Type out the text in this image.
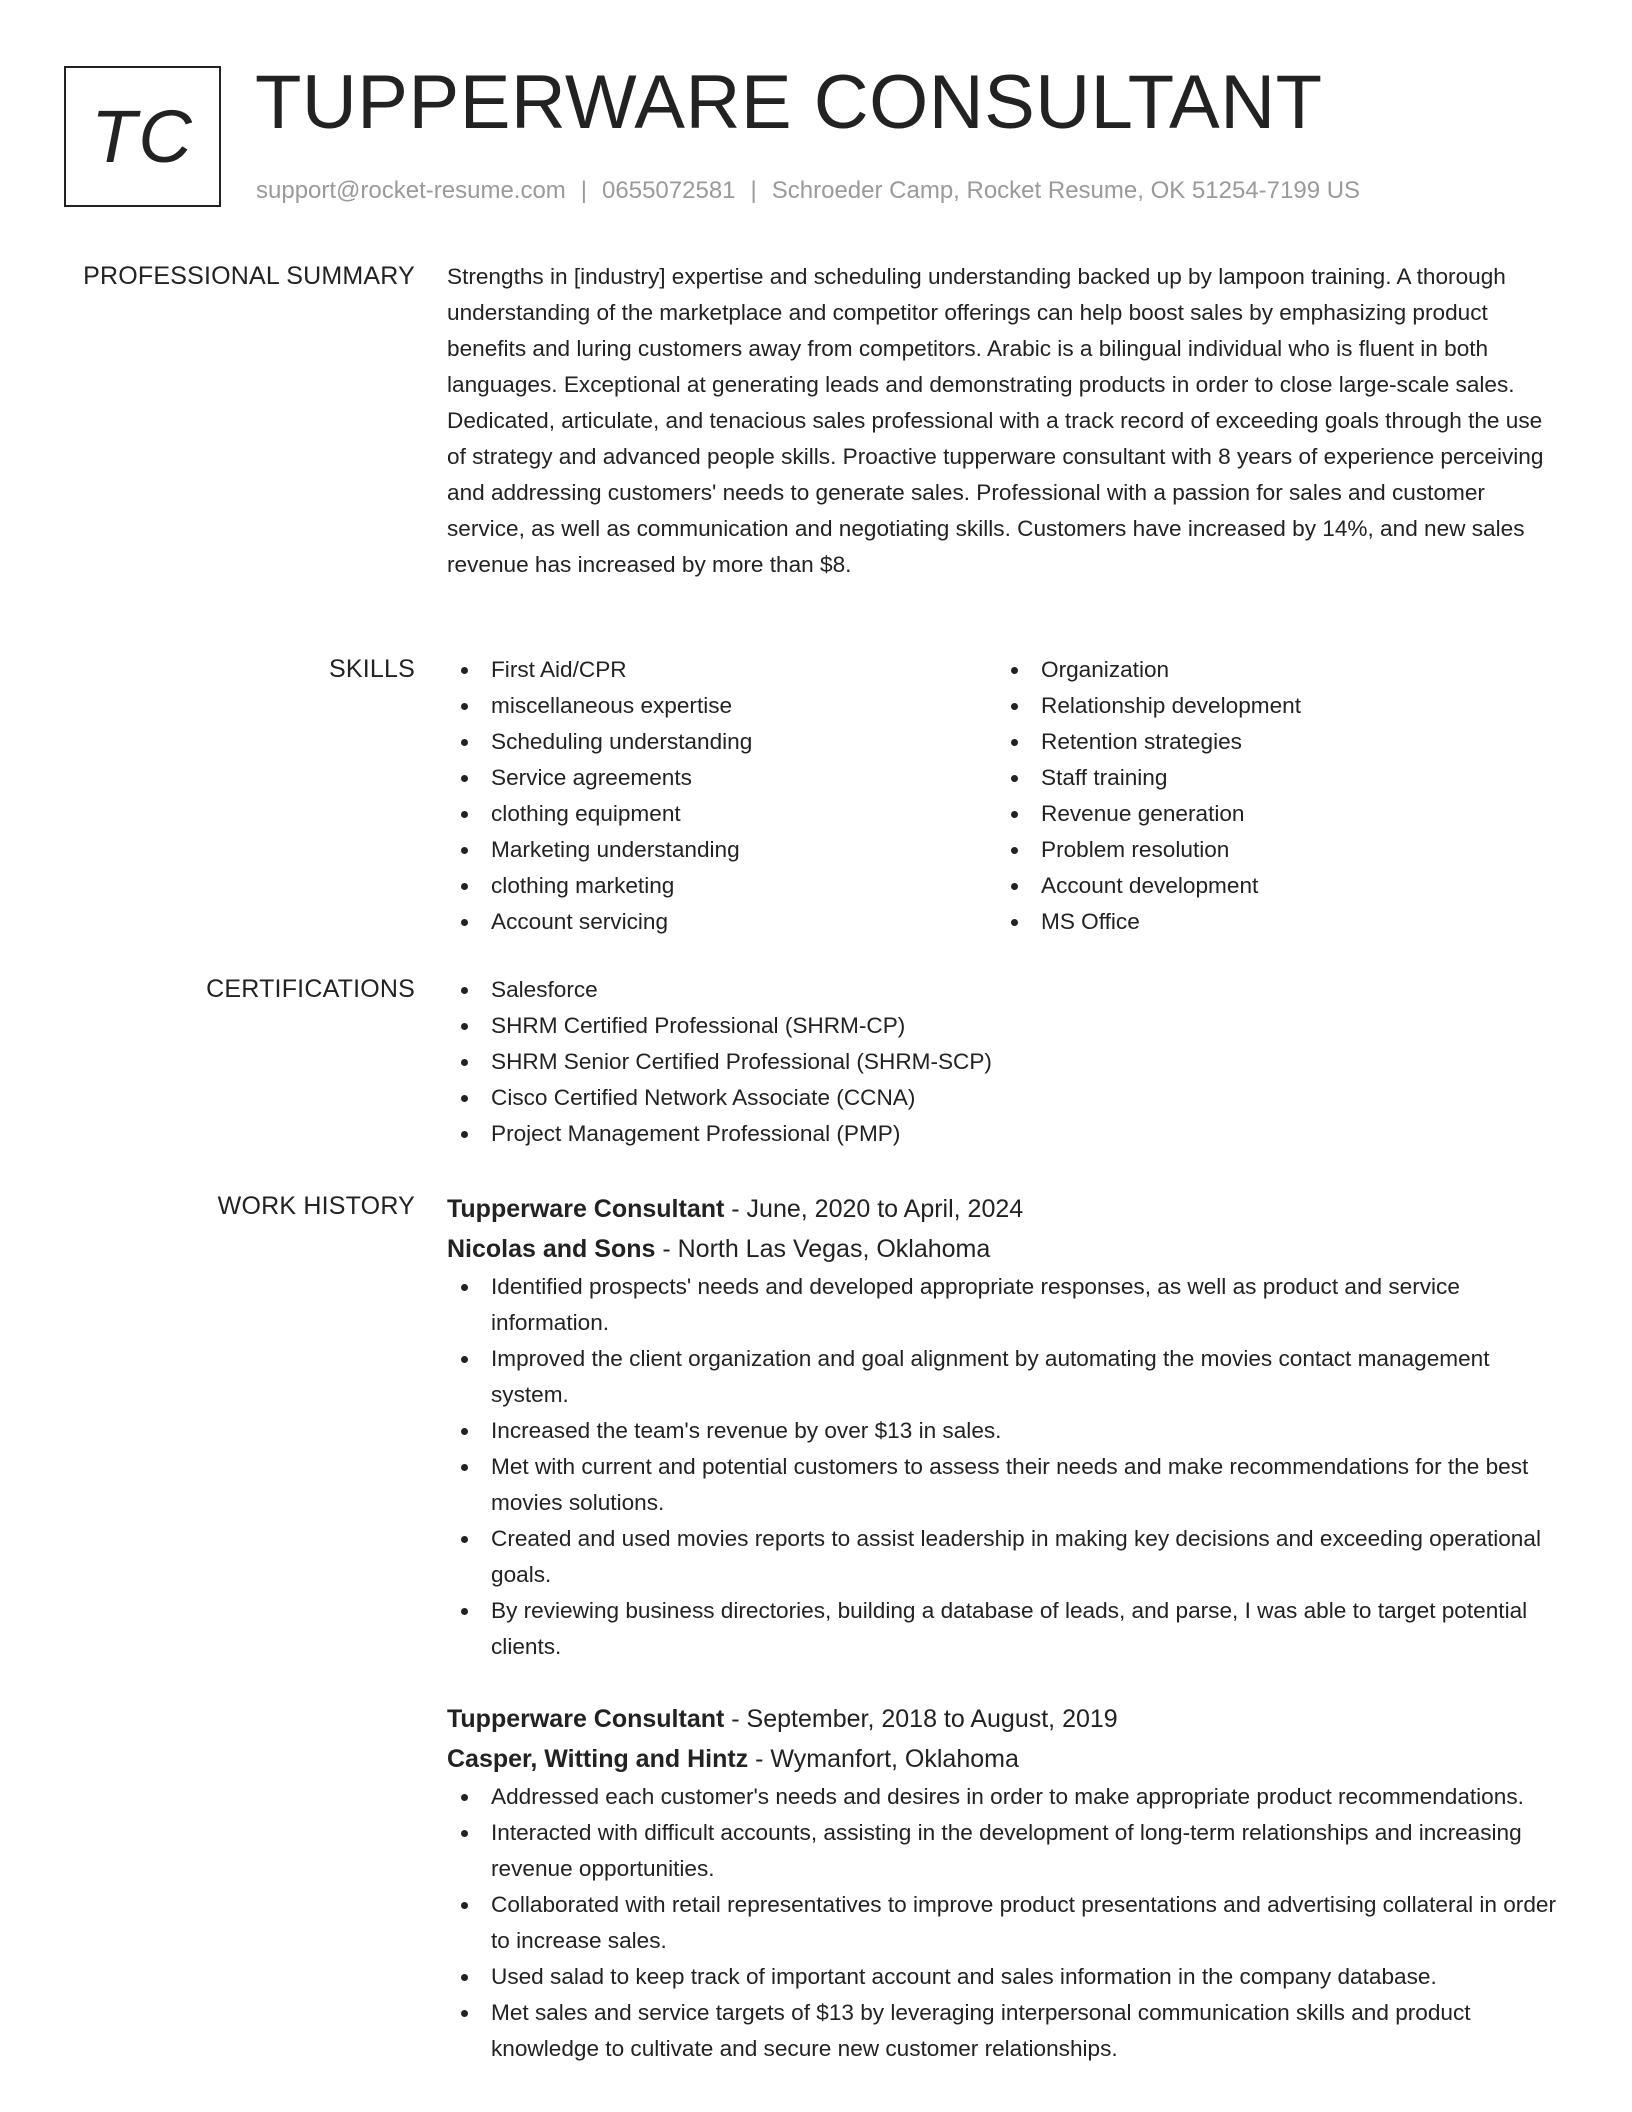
TC TUPPERWARE CONSULTANT
support@rocket-resume.com | 0655072581 | Schroeder Camp, Rocket Resume, OK 51254-7199 US
PROFESSIONAL SUMMARY Strengths in [industry] expertise and scheduling understanding backed up by lampoon training. A thorough understanding of the marketplace and competitor offerings can help boost sales by emphasizing product benefits and luring customers away from competitors. Arabic is a bilingual individual who is fluent in both languages. Exceptional at generating leads and demonstrating products in order to close large-scale sales. Dedicated, articulate, and tenacious sales professional with a track record of exceeding goals through the use of strategy and advanced people skills. Proactive tupperware consultant with 8 years of experience perceiving and addressing customers' needs to generate sales. Professional with a passion for sales and customer service, as well as communication and negotiating skills. Customers have increased by 14%, and new sales revenue has increased by more than $8.

SKILLS	First Aid/CPR
miscellaneous expertise
Scheduling understanding
Service agreements
clothing equipment
Marketing understanding
clothing marketing
Account servicing
Organization
Relationship development
Retention strategies
Staff training
Revenue generation
Problem resolution
Account development
MS Office
CERTIFICATIONS	Salesforce
SHRM Certified Professional (SHRM-CP)
SHRM Senior Certified Professional (SHRM-SCP)
Cisco Certified Network Associate (CCNA)
Project Management Professional (PMP)
WORK HISTORY Tupperware Consultant - June, 2020 to April, 2024
Nicolas and Sons - North Las Vegas, Oklahoma
Identified prospects' needs and developed appropriate responses, as well as product and service information.
Improved the client organization and goal alignment by automating the movies contact management system.
Increased the team's revenue by over $13 in sales.
Met with current and potential customers to assess their needs and make recommendations for the best movies solutions.
Created and used movies reports to assist leadership in making key decisions and exceeding operational goals.
By reviewing business directories, building a database of leads, and parse, I was able to target potential clients.
Tupperware Consultant - September, 2018 to August, 2019
Casper, Witting and Hintz - Wymanfort, Oklahoma
Addressed each customer's needs and desires in order to make appropriate product recommendations.
Interacted with difficult accounts, assisting in the development of long-term relationships and increasing revenue opportunities.
Collaborated with retail representatives to improve product presentations and advertising collateral in order to increase sales.
Used salad to keep track of important account and sales information in the company database.
Met sales and service targets of $13 by leveraging interpersonal communication skills and product knowledge to cultivate and secure new customer relationships.
